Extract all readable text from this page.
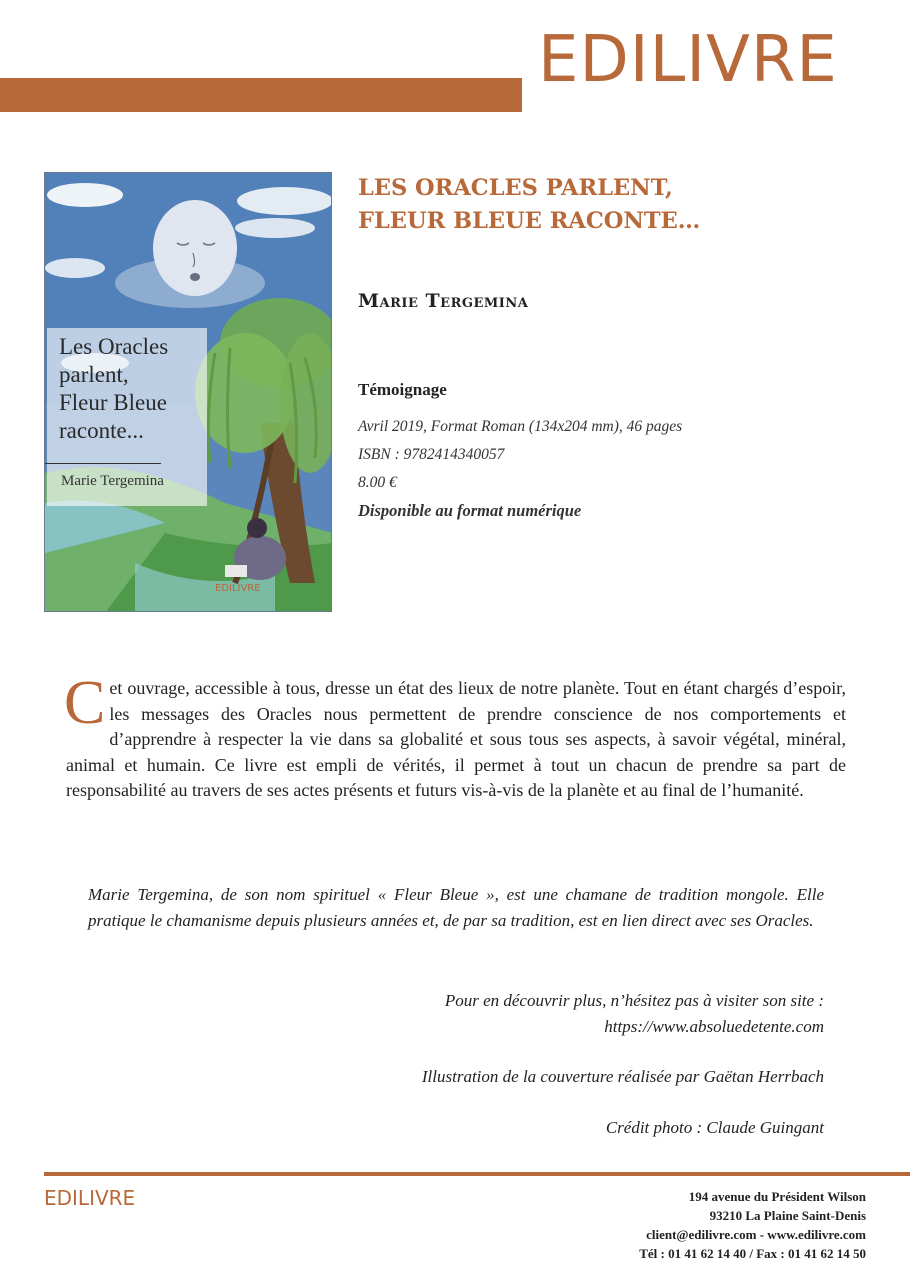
EDILIVRE
Les Oracles
parlent,
Fleur Bleue
raconte...
Marie Tergemina
EDILIVRE
LES ORACLES PARLENT,
FLEUR BLEUE RACONTE…
Marie Tergemina
Témoignage
Avril 2019, Format Roman (134x204 mm), 46 pages
ISBN : 9782414340057
8.00 €
Disponible au format numérique
C et ouvrage, accessible à tous, dresse un état des lieux de notre planète. Tout en étant chargés d’espoir, les messages des Oracles nous permettent de prendre conscience de nos comportements et d’apprendre à respecter la vie dans sa globalité et sous tous ses aspects, à savoir végétal, minéral, animal et humain. Ce livre est empli de vérités, il permet à tout un chacun de prendre sa part de responsabilité au travers de ses actes présents et futurs vis-à-vis de la planète et au final de l’humanité.
Marie Tergemina, de son nom spirituel « Fleur Bleue », est une chamane de tradition mongole. Elle pratique le chamanisme depuis plusieurs années et, de par sa tradition, est en lien direct avec ses Oracles.
Pour en découvrir plus, n’hésitez pas à visiter son site :
https://www.absoluedetente.com
Illustration de la couverture réalisée par Gaëtan Herrbach
Crédit photo : Claude Guingant
EDILIVRE	194 avenue du Président Wilson
93210 La Plaine Saint-Denis
client@edilivre.com - www.edilivre.com
Tél : 01 41 62 14 40 / Fax : 01 41 62 14 50
